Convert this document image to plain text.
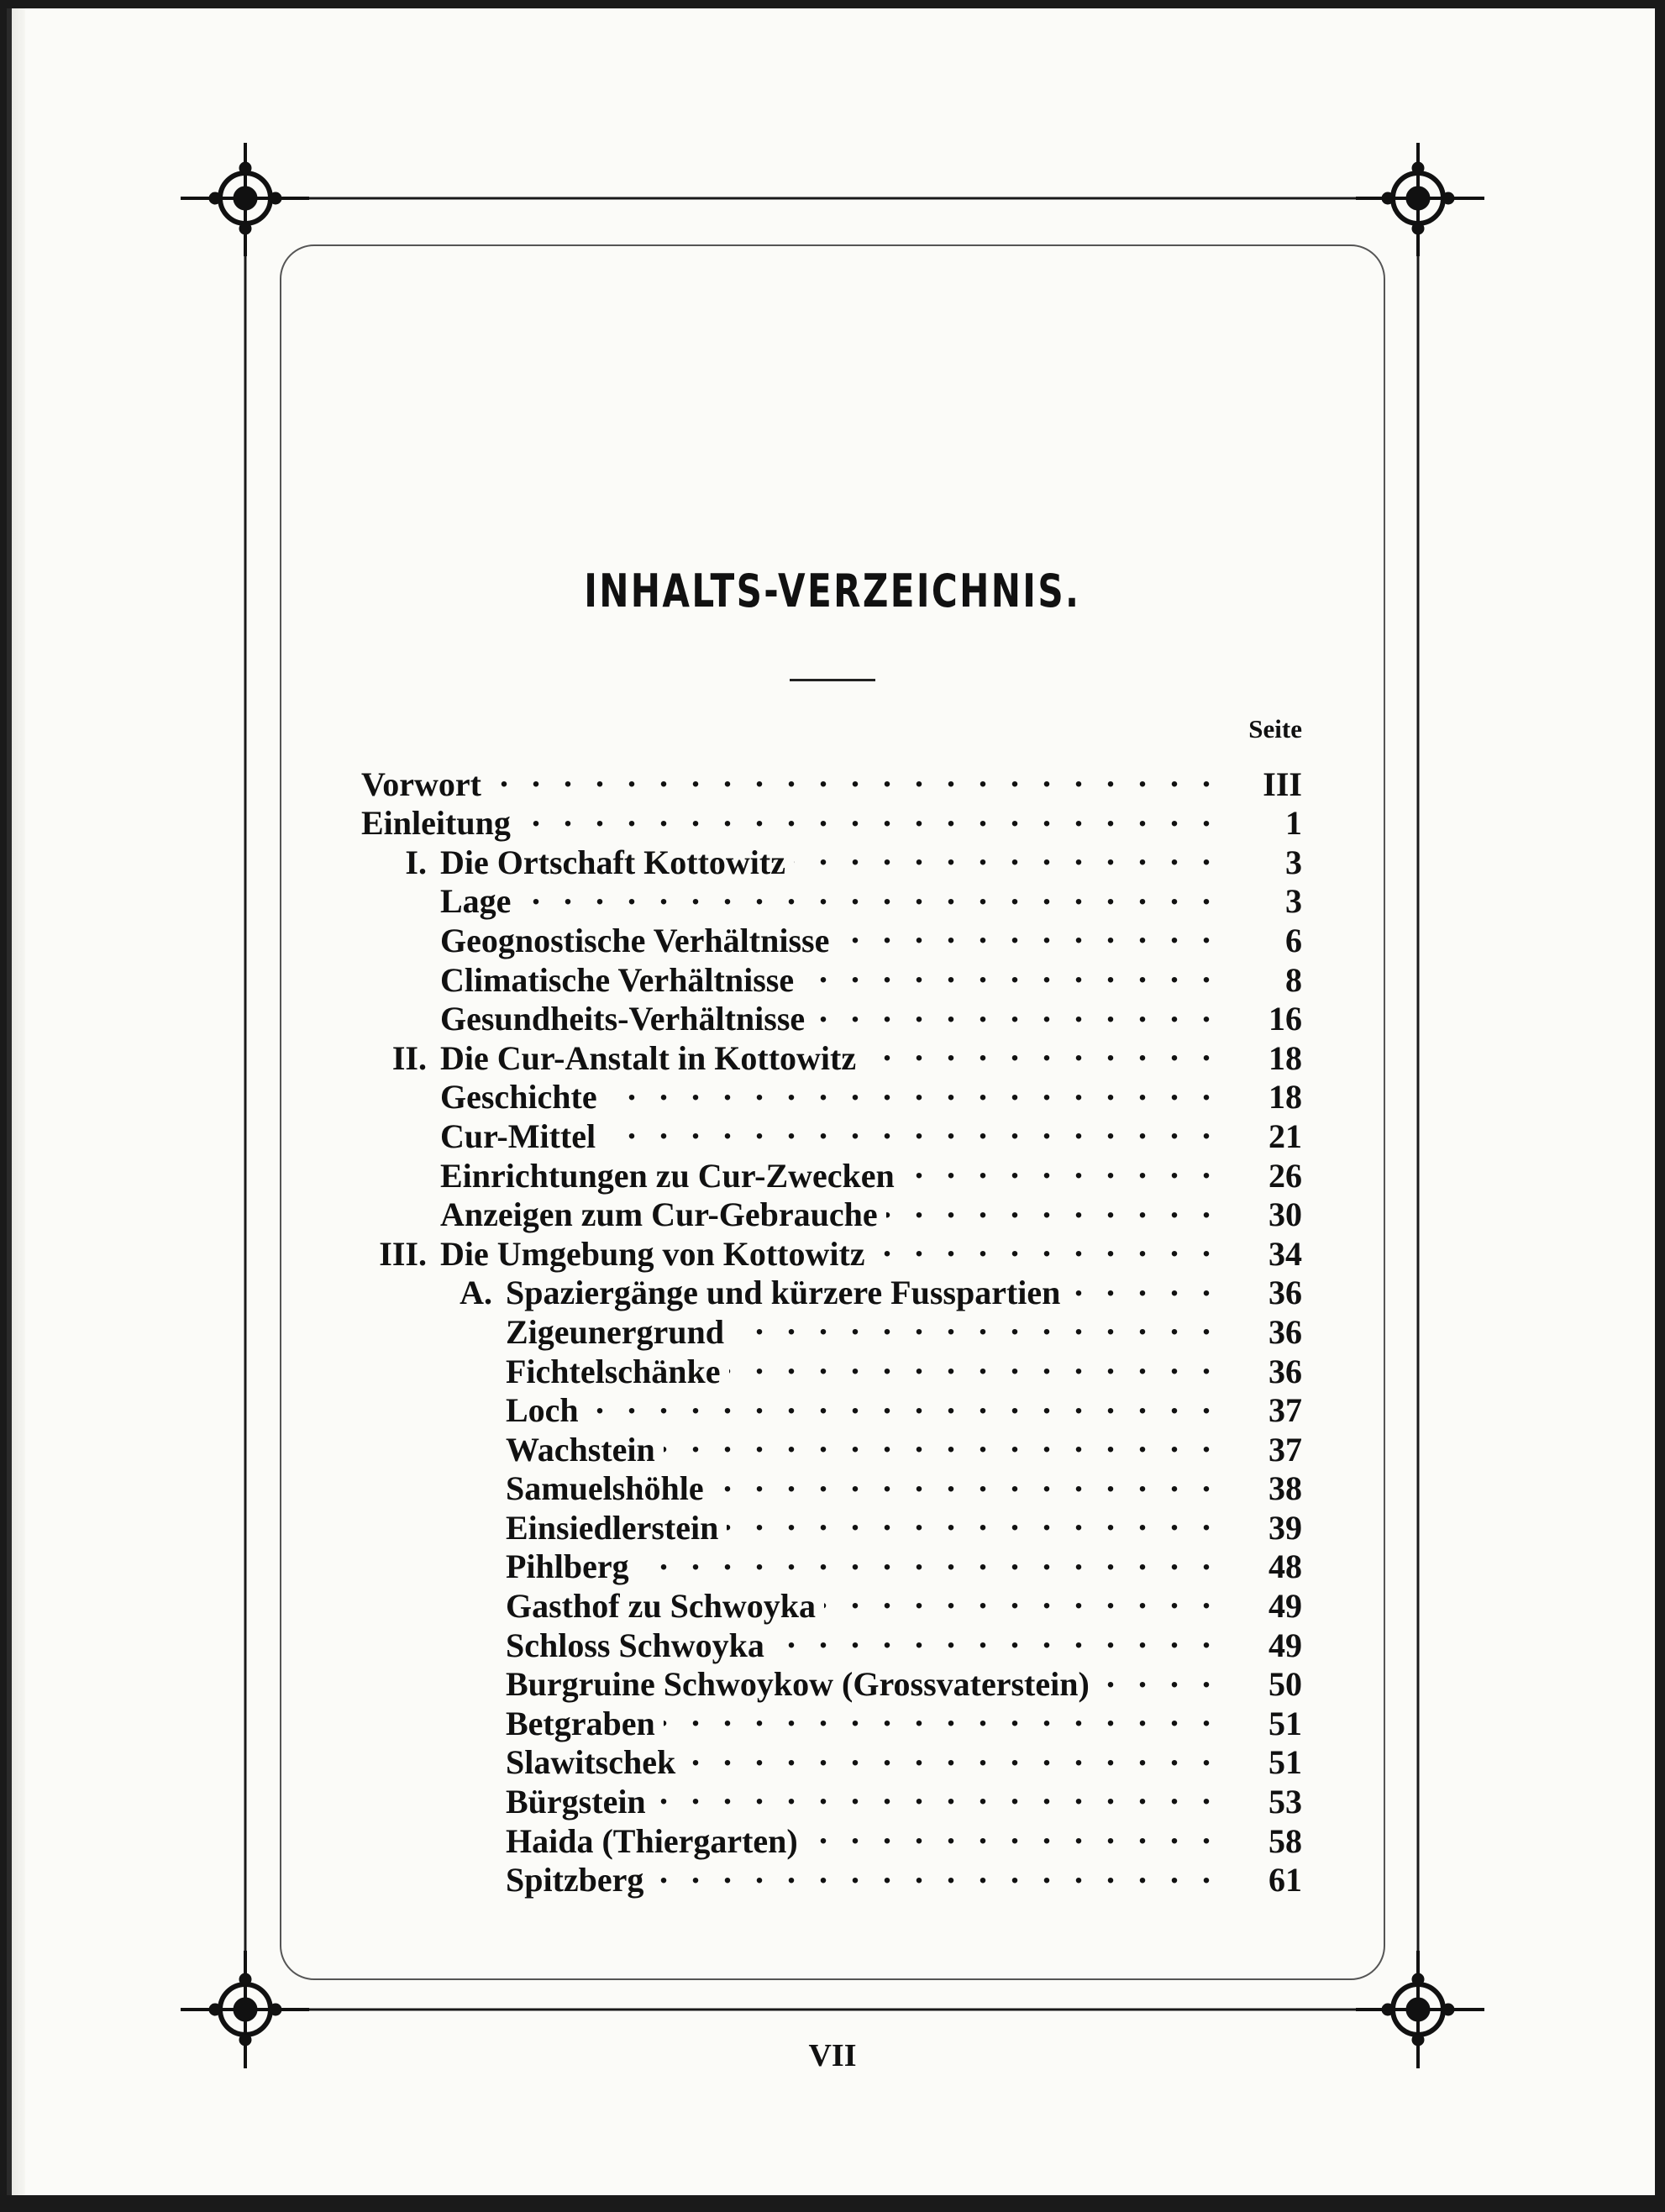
INHALTS-VERZEICHNIS.
Seite
Vorwort . . .	III
Einleitung . . .	1
I. Die Ortschaft Kottowitz . . .	3
Lage . . .	3
Geognostische Verhältnisse . . .	6
Climatische Verhältnisse . . .	8
Gesundheits-Verhältnisse . . .	16
II. Die Cur-Anstalt in Kottowitz . . .	18
Geschichte . . .	18
Cur-Mittel . . .	21
Einrichtungen zu Cur-Zwecken . . .	26
Anzeigen zum Cur-Gebrauche . . .	30
III. Die Umgebung von Kottowitz . . .	34
A. Spaziergänge und kürzere Fusspartien . . .	36
Zigeunergrund . . .	36
Fichtelschänke . . .	36
Loch . . .	37
Wachstein . . .	37
Samuelshöhle . . .	38
Einsiedlerstein . . .	39
Pihlberg . . .	48
Gasthof zu Schwoyka . . .	49
Schloss Schwoyka . . .	49
Burgruine Schwoykow (Grossvaterstein) . . .	50
Betgraben . . .	51
Slawitschek . . .	51
Bürgstein . . .	53
Haida (Thiergarten) . . .	58
Spitzberg . . .	61
VII
